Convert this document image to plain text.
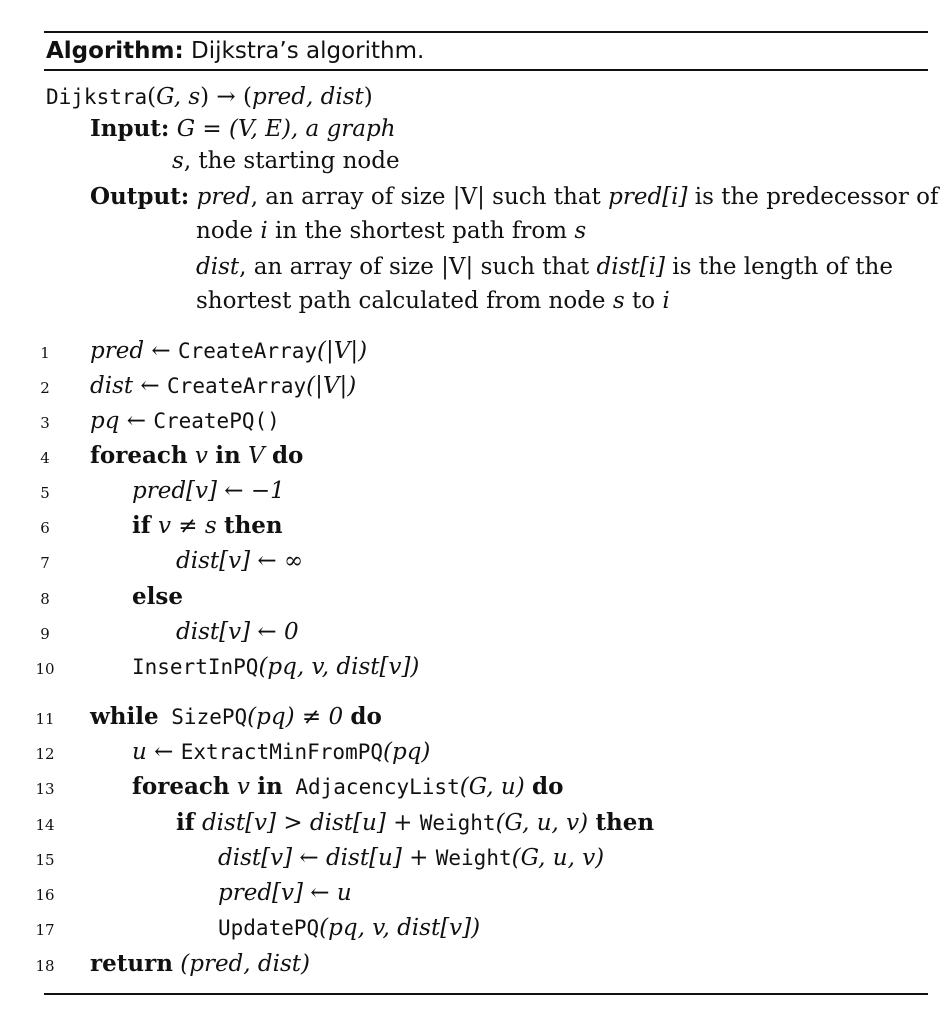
Algorithm: Dijkstra’s algorithm.
Dijkstra(G, s) → (pred, dist)
Input: G = (V, E), a graph
s, the starting node
Output: pred, an array of size |V| such that pred[i] is the predecessor of
node i in the shortest path from s
dist, an array of size |V| such that dist[i] is the length of the
shortest path calculated from node s to i
1	pred ← CreateArray(|V|)
2	dist ← CreateArray(|V|)
3	pq ← CreatePQ()
4	foreach v in V do
5	pred[v] ← −1
6	if v ≠ s then
7	dist[v] ← ∞
8	else
9	dist[v] ← 0
10	InsertInPQ(pq, v, dist[v])
11	while SizePQ(pq) ≠ 0 do
12	u ← ExtractMinFromPQ(pq)
13	foreach v in AdjacencyList(G, u) do
14	if dist[v] > dist[u] + Weight(G, u, v) then
15	dist[v] ← dist[u] + Weight(G, u, v)
16	pred[v] ← u
17	UpdatePQ(pq, v, dist[v])
18	return (pred, dist)
